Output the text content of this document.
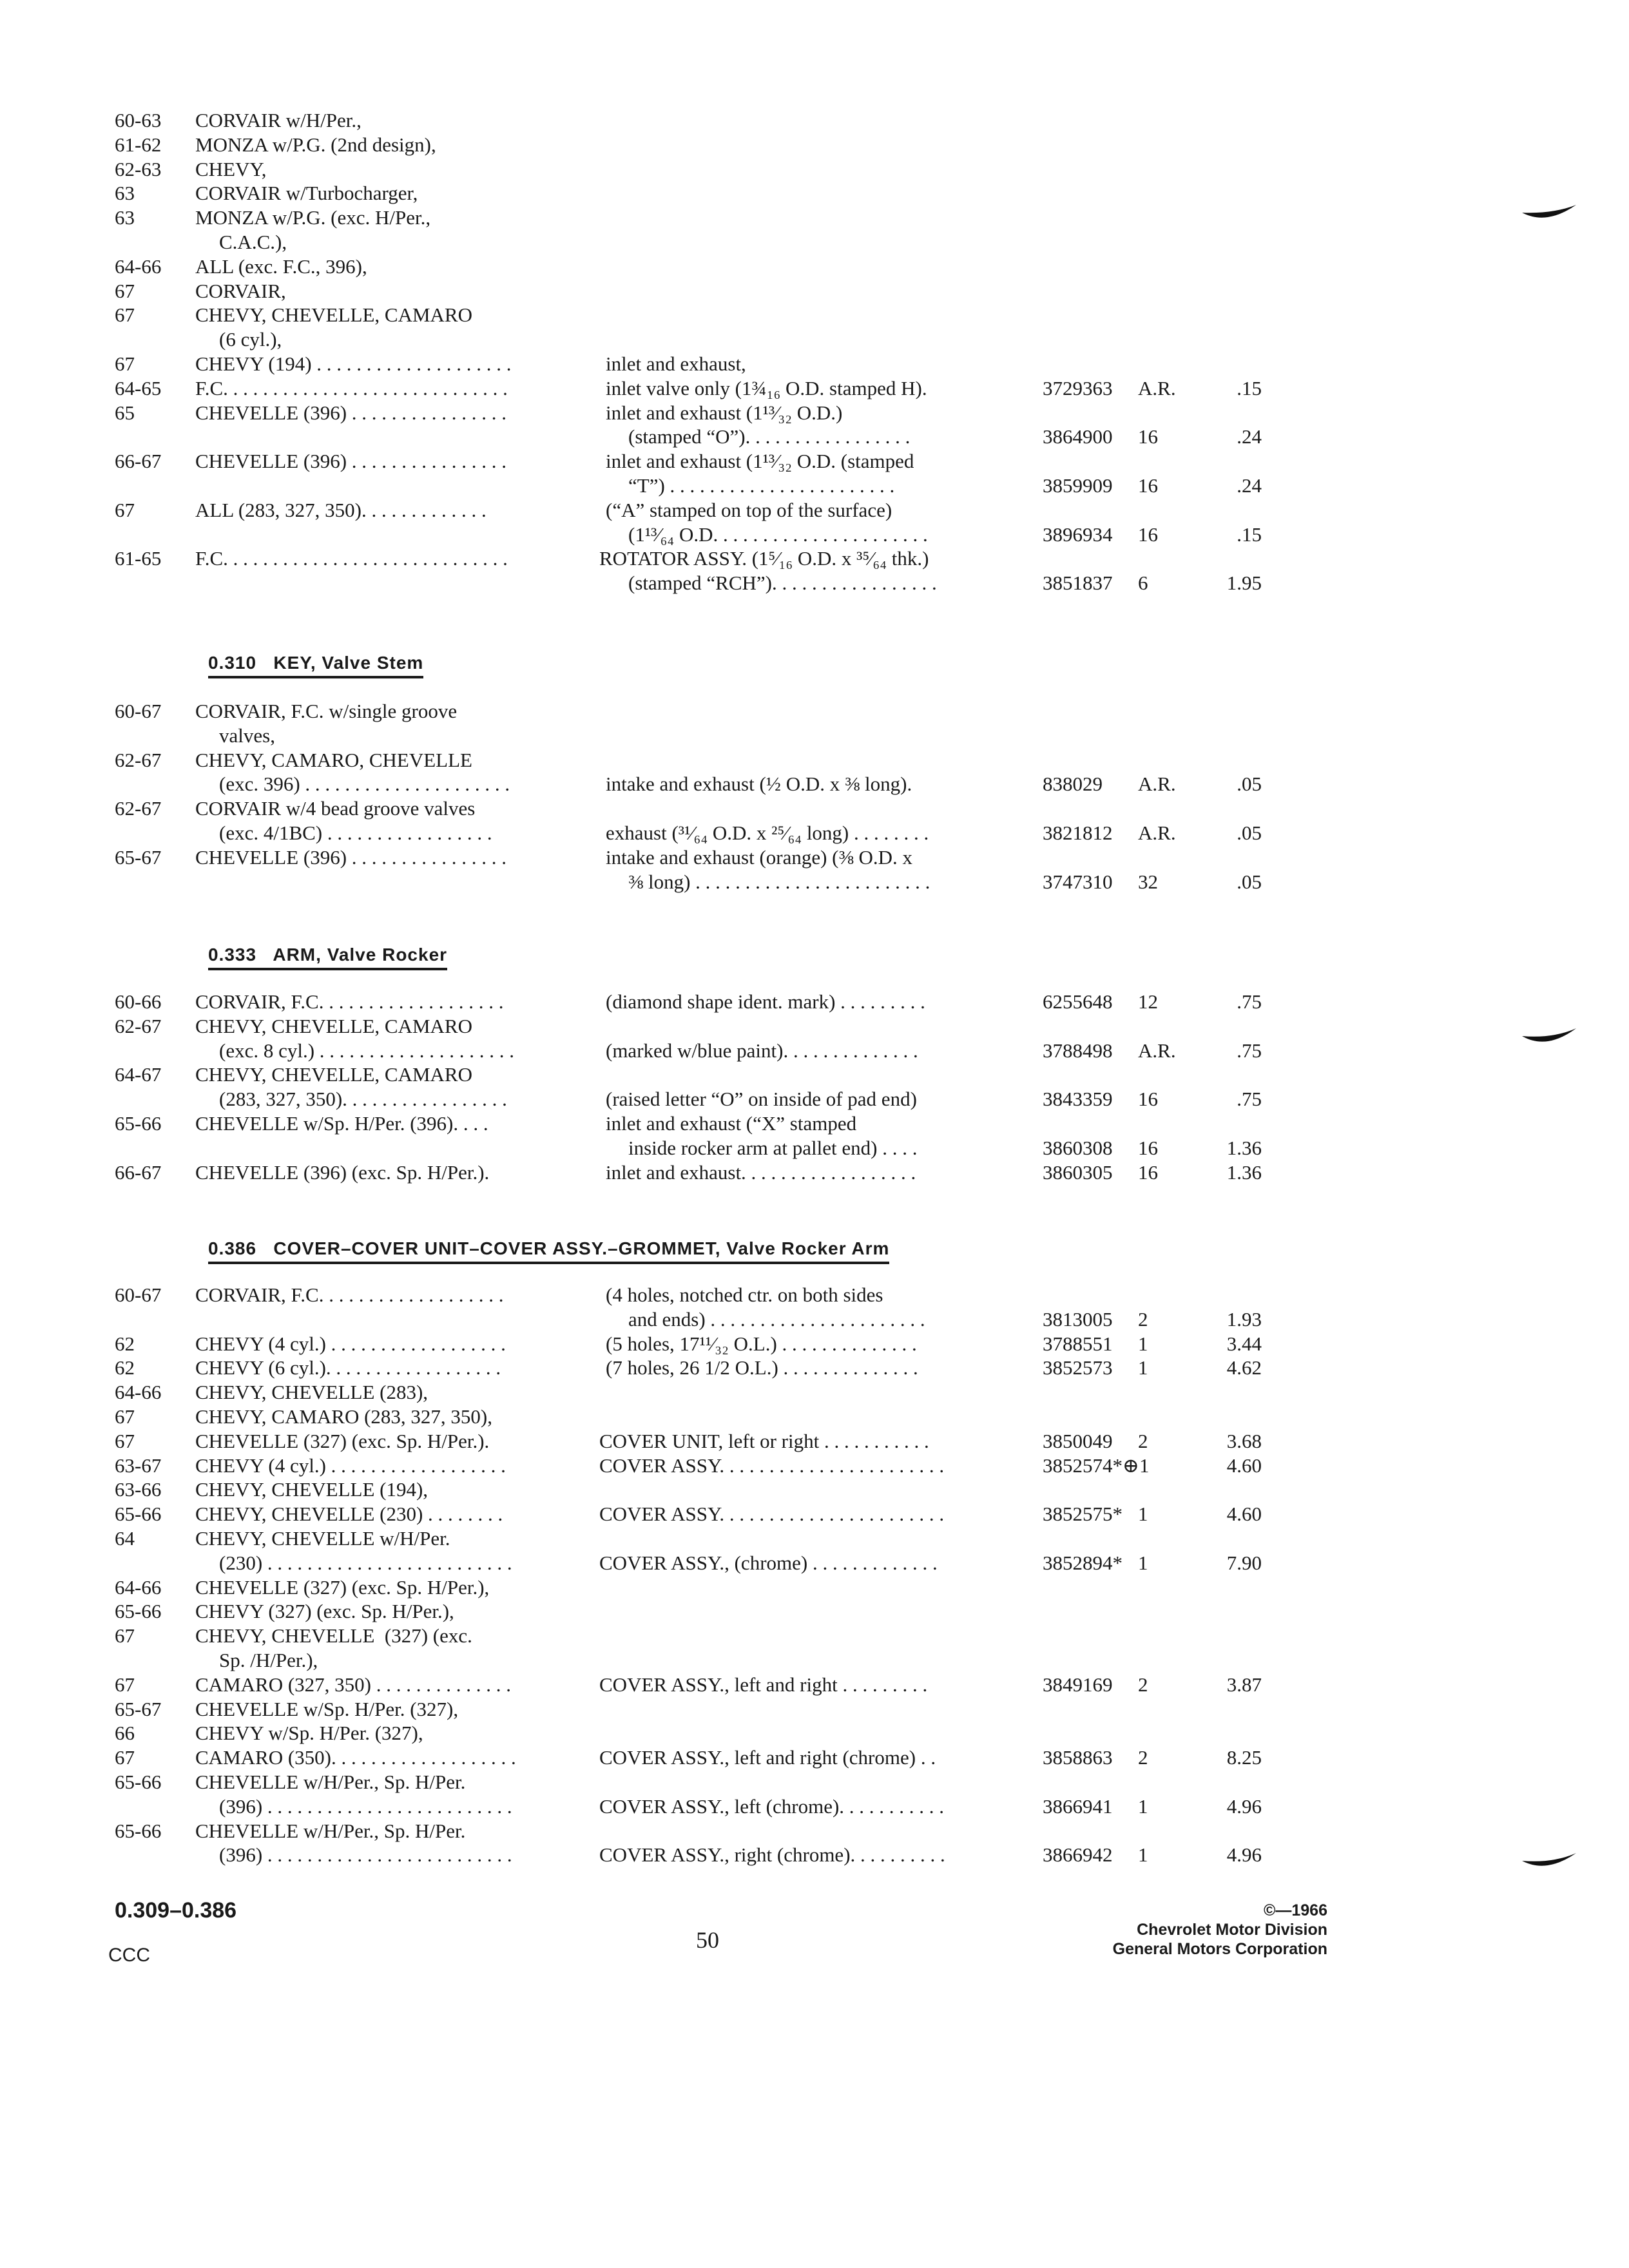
60-63 CORVAIR w/H/Per.,
61-62 MONZA w/P.G. (2nd design),
62-63 CHEVY,
63	CORVAIR w/Turbocharger,
63	MONZA w/P.G. (exc. H/Per.,
C.A.C.),
64-66 ALL (exc. F.C., 396),
67	CORVAIR,
67	CHEVY, CHEVELLE, CAMARO
(6 cyl.),
67	CHEVY (194) . . . . . . . . . . . . . . . . . . . .	inlet and exhaust,
64-65 F.C. . . . . . . . . . . . . . . . . . . . . . . . . . . . .	inlet valve only (1¾₁₆ O.D. stamped H).	3729363 A.R.	.15
65	CHEVELLE (396) . . . . . . . . . . . . . . . .	inlet and exhaust (1¹³⁄₃₂ O.D.)
(stamped “O”). . . . . . . . . . . . . . . . .	3864900 16	.24
66-67 CHEVELLE (396) . . . . . . . . . . . . . . . .	inlet and exhaust (1¹³⁄₃₂ O.D. (stamped
“T”) . . . . . . . . . . . . . . . . . . . . . . .	3859909 16	.24
67	ALL (283, 327, 350). . . . . . . . . . . . .	(“A” stamped on top of the surface)
(1¹³⁄₆₄ O.D. . . . . . . . . . . . . . . . . . . . . .	3896934 16	.15
61-65 F.C. . . . . . . . . . . . . . . . . . . . . . . . . . . . .	ROTATOR ASSY. (1⁵⁄₁₆ O.D. x ³⁵⁄₆₄ thk.)
(stamped “RCH”). . . . . . . . . . . . . . . . .	3851837 6	1.95
60-67 CORVAIR, F.C. w/single groove
valves,
62-67 CHEVY, CAMARO, CHEVELLE
(exc. 396) . . . . . . . . . . . . . . . . . . . . .	intake and exhaust (½ O.D. x ⅜ long).	838029 A.R.	.05
62-67 CORVAIR w/4 bead groove valves
(exc. 4/1BC) . . . . . . . . . . . . . . . . .	exhaust (³¹⁄₆₄ O.D. x ²⁵⁄₆₄ long) . . . . . . . .	3821812 A.R.	.05
65-67 CHEVELLE (396) . . . . . . . . . . . . . . . .	intake and exhaust (orange) (⅜ O.D. x
⅜ long) . . . . . . . . . . . . . . . . . . . . . . . .	3747310 32	.05
60-66 CORVAIR, F.C. . . . . . . . . . . . . . . . . . .	(diamond shape ident. mark) . . . . . . . . .	6255648 12	.75
62-67 CHEVY, CHEVELLE, CAMARO
(exc. 8 cyl.) . . . . . . . . . . . . . . . . . . . .	(marked w/blue paint). . . . . . . . . . . . . .	3788498 A.R.	.75
64-67 CHEVY, CHEVELLE, CAMARO
(283, 327, 350). . . . . . . . . . . . . . . . .	(raised letter “O” on inside of pad end)	3843359 16	.75
65-66 CHEVELLE w/Sp. H/Per. (396). . . .	inlet and exhaust (“X” stamped
inside rocker arm at pallet end) . . . .	3860308 16	1.36
66-67 CHEVELLE (396) (exc. Sp. H/Per.).	inlet and exhaust. . . . . . . . . . . . . . . . . .	3860305 16	1.36
60-67 CORVAIR, F.C. . . . . . . . . . . . . . . . . . .	(4 holes, notched ctr. on both sides
and ends) . . . . . . . . . . . . . . . . . . . . . .	3813005 2	1.93
62	CHEVY (4 cyl.) . . . . . . . . . . . . . . . . . .	(5 holes, 17¹¹⁄₃₂ O.L.) . . . . . . . . . . . . . .	3788551 1	3.44
62	CHEVY (6 cyl.). . . . . . . . . . . . . . . . . .	(7 holes, 26 1/2 O.L.) . . . . . . . . . . . . . .	3852573 1	4.62
64-66 CHEVY, CHEVELLE (283),
67	CHEVY, CAMARO (283, 327, 350),
67	CHEVELLE (327) (exc. Sp. H/Per.).	COVER UNIT, left or right . . . . . . . . . . .	3850049 2	3.68
63-67 CHEVY (4 cyl.) . . . . . . . . . . . . . . . . . .	COVER ASSY. . . . . . . . . . . . . . . . . . . . . . .	3852574*⊕1	4.60
63-66 CHEVY, CHEVELLE (194),
65-66 CHEVY, CHEVELLE (230) . . . . . . . .	COVER ASSY. . . . . . . . . . . . . . . . . . . . . . .	3852575* 1	4.60
64	CHEVY, CHEVELLE w/H/Per.
(230) . . . . . . . . . . . . . . . . . . . . . . . . .	COVER ASSY., (chrome) . . . . . . . . . . . . .	3852894* 1	7.90
64-66 CHEVELLE (327) (exc. Sp. H/Per.),
65-66 CHEVY (327) (exc. Sp. H/Per.),
67	CHEVY, CHEVELLE  (327) (exc.
Sp. /H/Per.),
67	CAMARO (327, 350) . . . . . . . . . . . . . .	COVER ASSY., left and right . . . . . . . . .	3849169 2	3.87
65-67 CHEVELLE w/Sp. H/Per. (327),
66	CHEVY w/Sp. H/Per. (327),
67	CAMARO (350). . . . . . . . . . . . . . . . . . .	COVER ASSY., left and right (chrome) . .	3858863 2	8.25
65-66 CHEVELLE w/H/Per., Sp. H/Per.
(396) . . . . . . . . . . . . . . . . . . . . . . . . .	COVER ASSY., left (chrome). . . . . . . . . . .	3866941 1	4.96
65-66 CHEVELLE w/H/Per., Sp. H/Per.
(396) . . . . . . . . . . . . . . . . . . . . . . . . .	COVER ASSY., right (chrome). . . . . . . . . .	3866942 1	4.96
0.310   KEY, Valve Stem
0.333   ARM, Valve Rocker
0.386   COVER–COVER UNIT–COVER ASSY.–GROMMET, Valve Rocker Arm
0.309–0.386
CCC
50
©—1966
Chevrolet Motor Division
General Motors Corporation
